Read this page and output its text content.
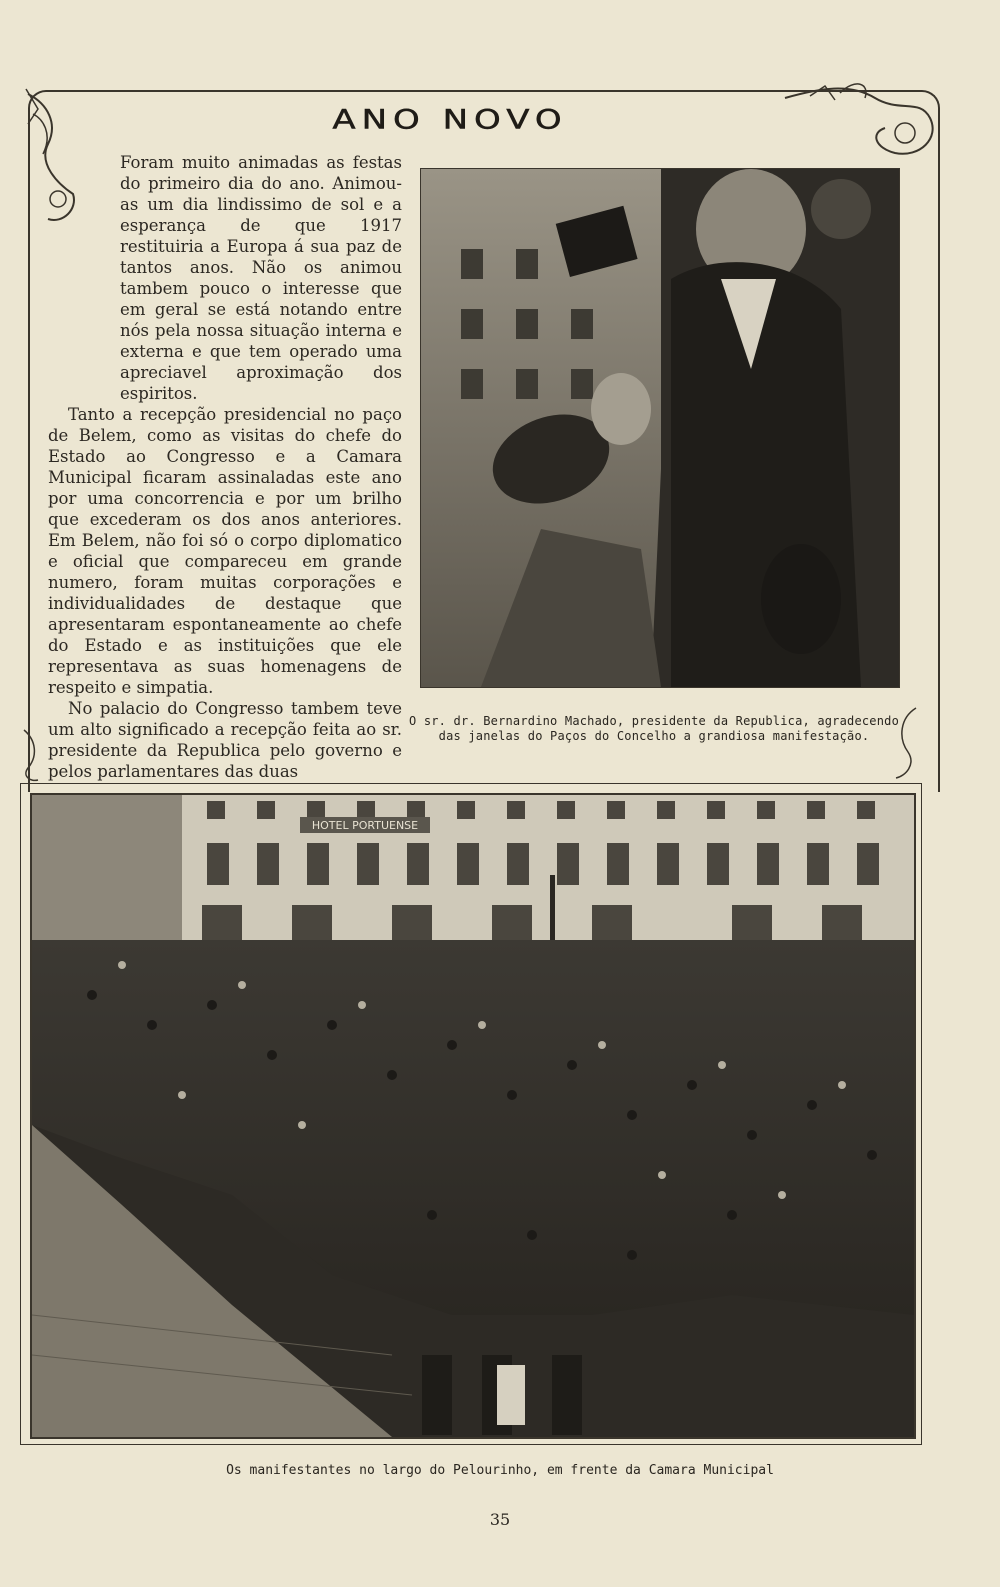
ANO NOVO

Foram muito animadas as festas do primeiro dia do ano. Animou-as um dia lindissimo de sol e a esperança de que 1917 restituiria a Europa á sua paz de tantos anos. Não os animou tambem pouco o interesse que em geral se está notando entre nós pela nossa situação interna e externa e que tem operado uma apreciavel aproximação dos espiritos.

Tanto a recepção presidencial no paço de Belem, como as visitas do chefe do Estado ao Congresso e a Camara Municipal ficaram assinaladas este ano por uma concorrencia e por um brilho que excederam os dos anos anteriores. Em Belem, não foi só o corpo diplomatico e oficial que compareceu em grande numero, foram muitas corporações e individualidades de destaque que apresentaram espontaneamente ao chefe do Estado e as instituições que ele representava as suas homenagens de respeito e simpatia.

No palacio do Congresso tambem teve um alto significado a recepção feita ao sr. presidente da Republica pelo governo e pelos parlamentares das duas

O sr. dr. Bernardino Machado, presidente da Republica, agradecendo das janelas do Paços do Concelho a grandiosa manifestação.
HOTEL PORTUENSE
Os manifestantes no largo do Pelourinho, em frente da Camara Municipal
35
